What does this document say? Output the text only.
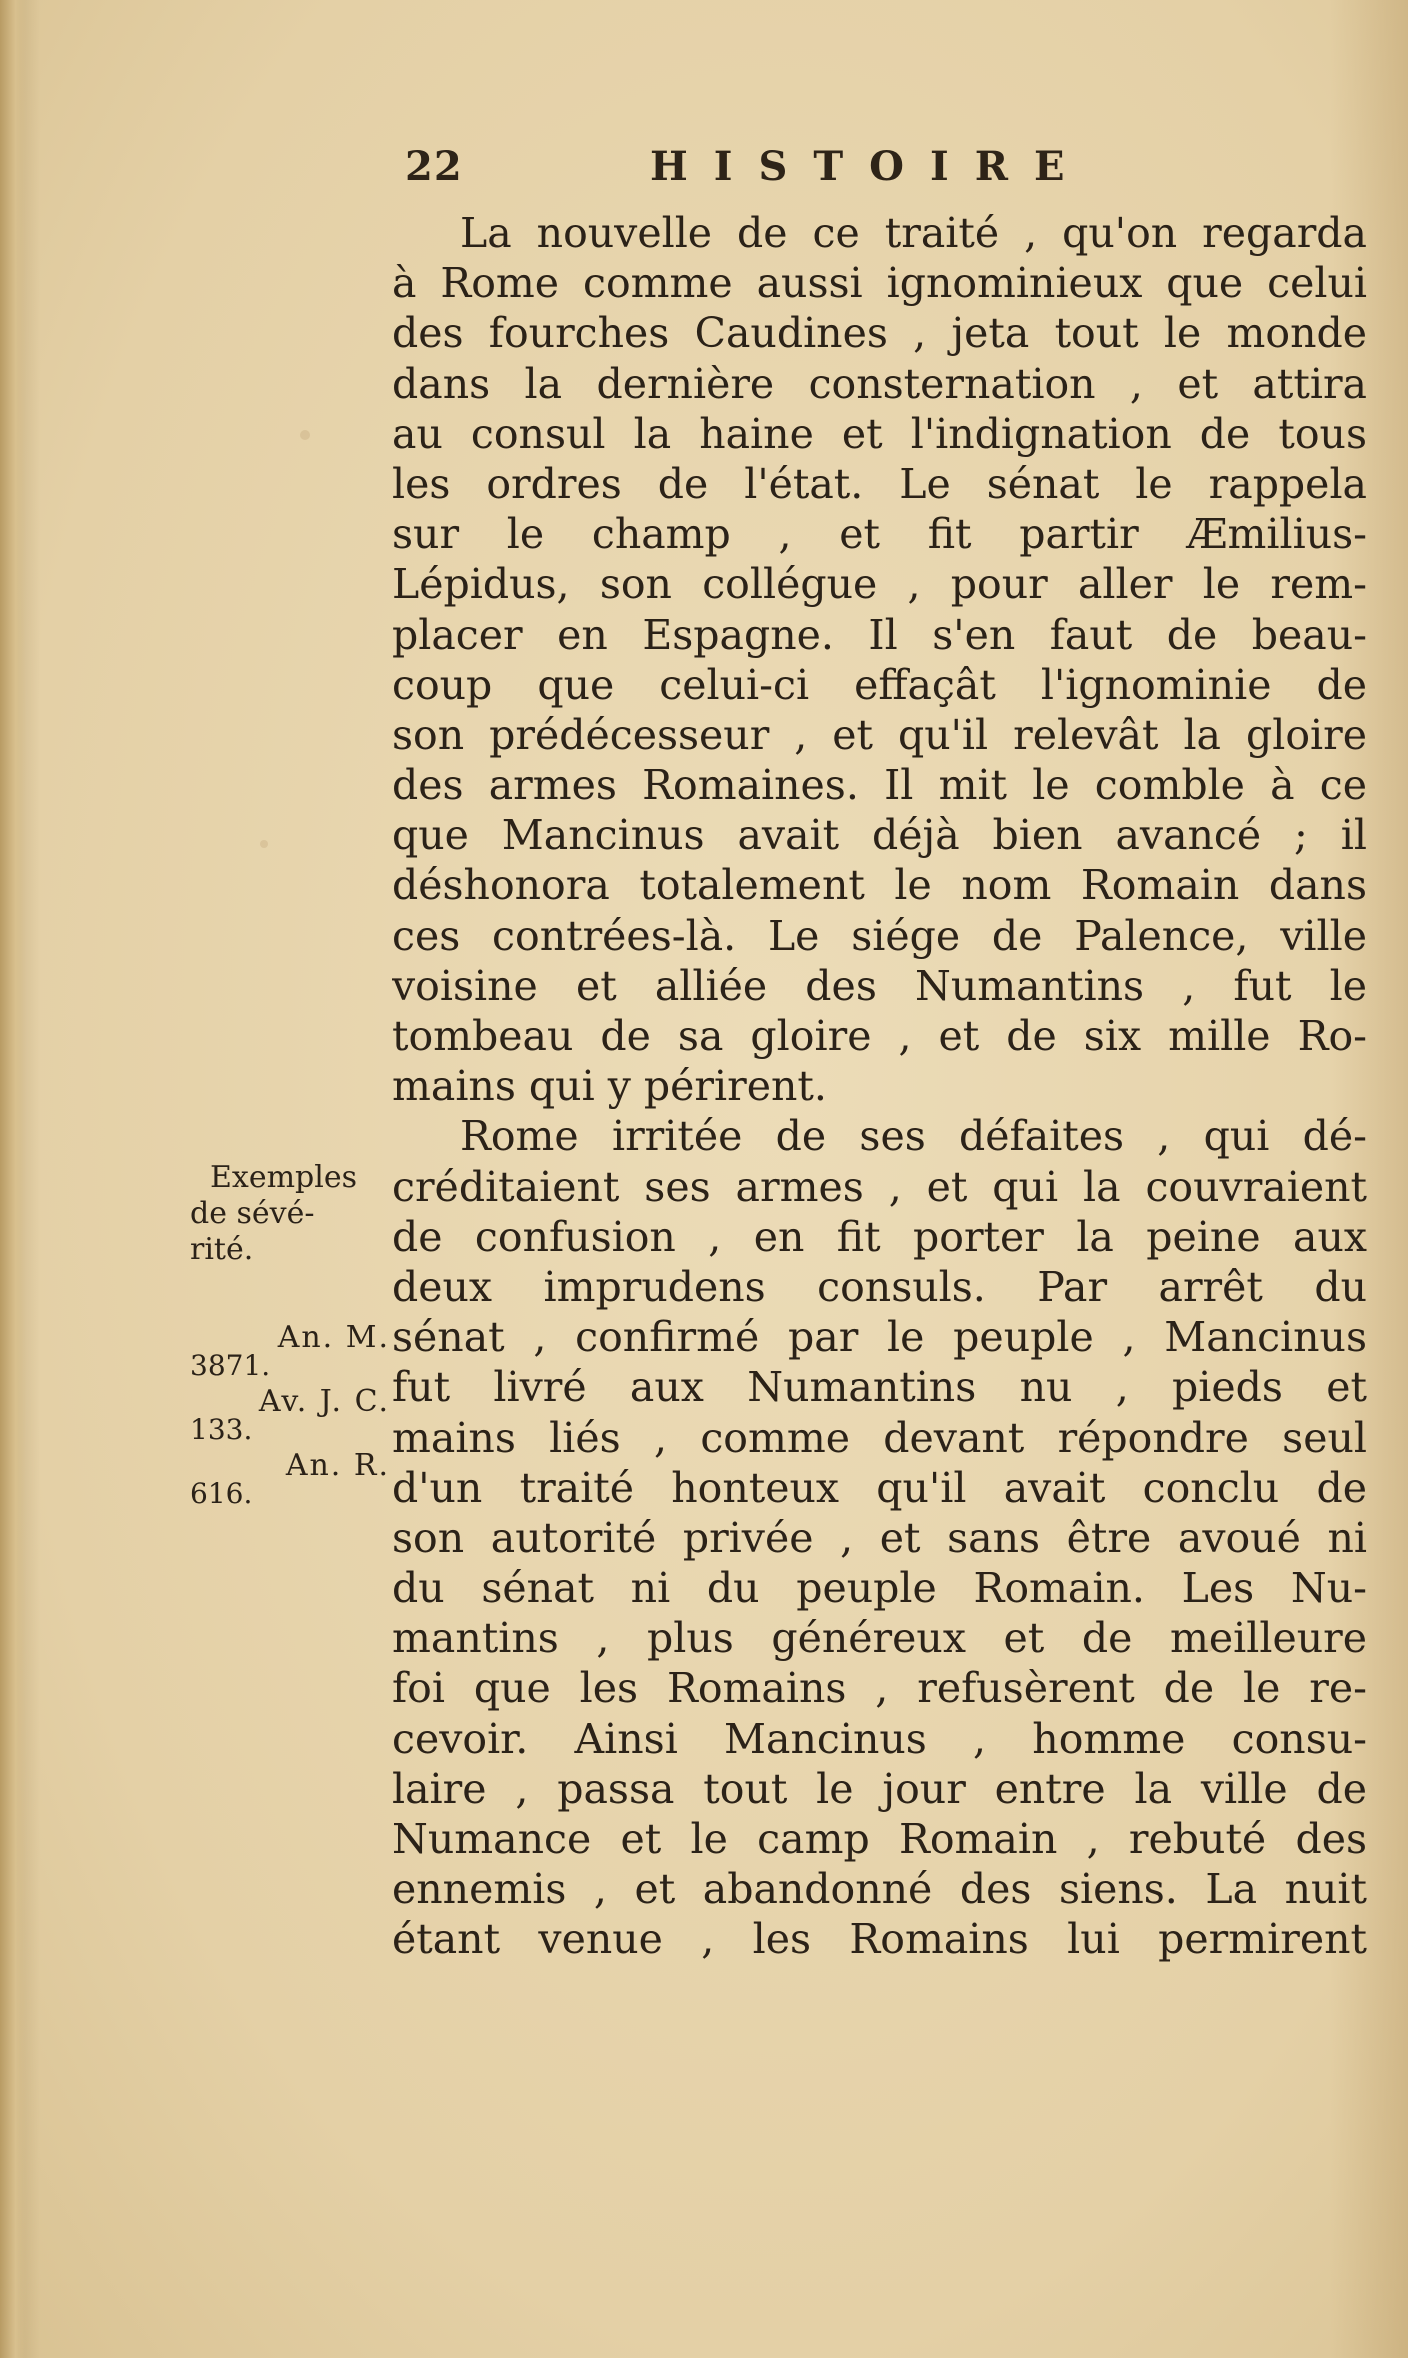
22	HISTOIRE
La nouvelle de ce traité , qu'on regarda
à Rome comme aussi ignominieux que celui
des fourches Caudines , jeta tout le monde
dans la dernière consternation , et attira
au consul la haine et l'indignation de tous
les ordres de l'état. Le sénat le rappela
sur le champ , et fit partir Æmilius-
Lépidus, son collégue , pour aller le rem-
placer en Espagne. Il s'en faut de beau-
coup que celui-ci effaçât l'ignominie de
son prédécesseur , et qu'il relevât la gloire
des armes Romaines. Il mit le comble à ce
que Mancinus avait déjà bien avancé ; il
déshonora totalement le nom Romain dans
ces contrées-là. Le siége de Palence, ville
voisine et alliée des Numantins , fut le
tombeau de sa gloire , et de six mille Ro-
mains qui y périrent.
Rome irritée de ses défaites , qui dé-
créditaient ses armes , et qui la couvraient
de confusion , en fit porter la peine aux
deux imprudens consuls. Par arrêt du
sénat , confirmé par le peuple , Mancinus
fut livré aux Numantins nu , pieds et
mains liés , comme devant répondre seul
d'un traité honteux qu'il avait conclu de
son autorité privée , et sans être avoué ni
du sénat ni du peuple Romain. Les Nu-
mantins , plus généreux et de meilleure
foi que les Romains , refusèrent de le re-
cevoir. Ainsi Mancinus , homme consu-
laire , passa tout le jour entre la ville de
Numance et le camp Romain , rebuté des
ennemis , et abandonné des siens. La nuit
étant venue , les Romains lui permirent
Exemples
de sévé-
rité.
An. M.
3871.
Av. J. C.
133.
An. R.
616.
